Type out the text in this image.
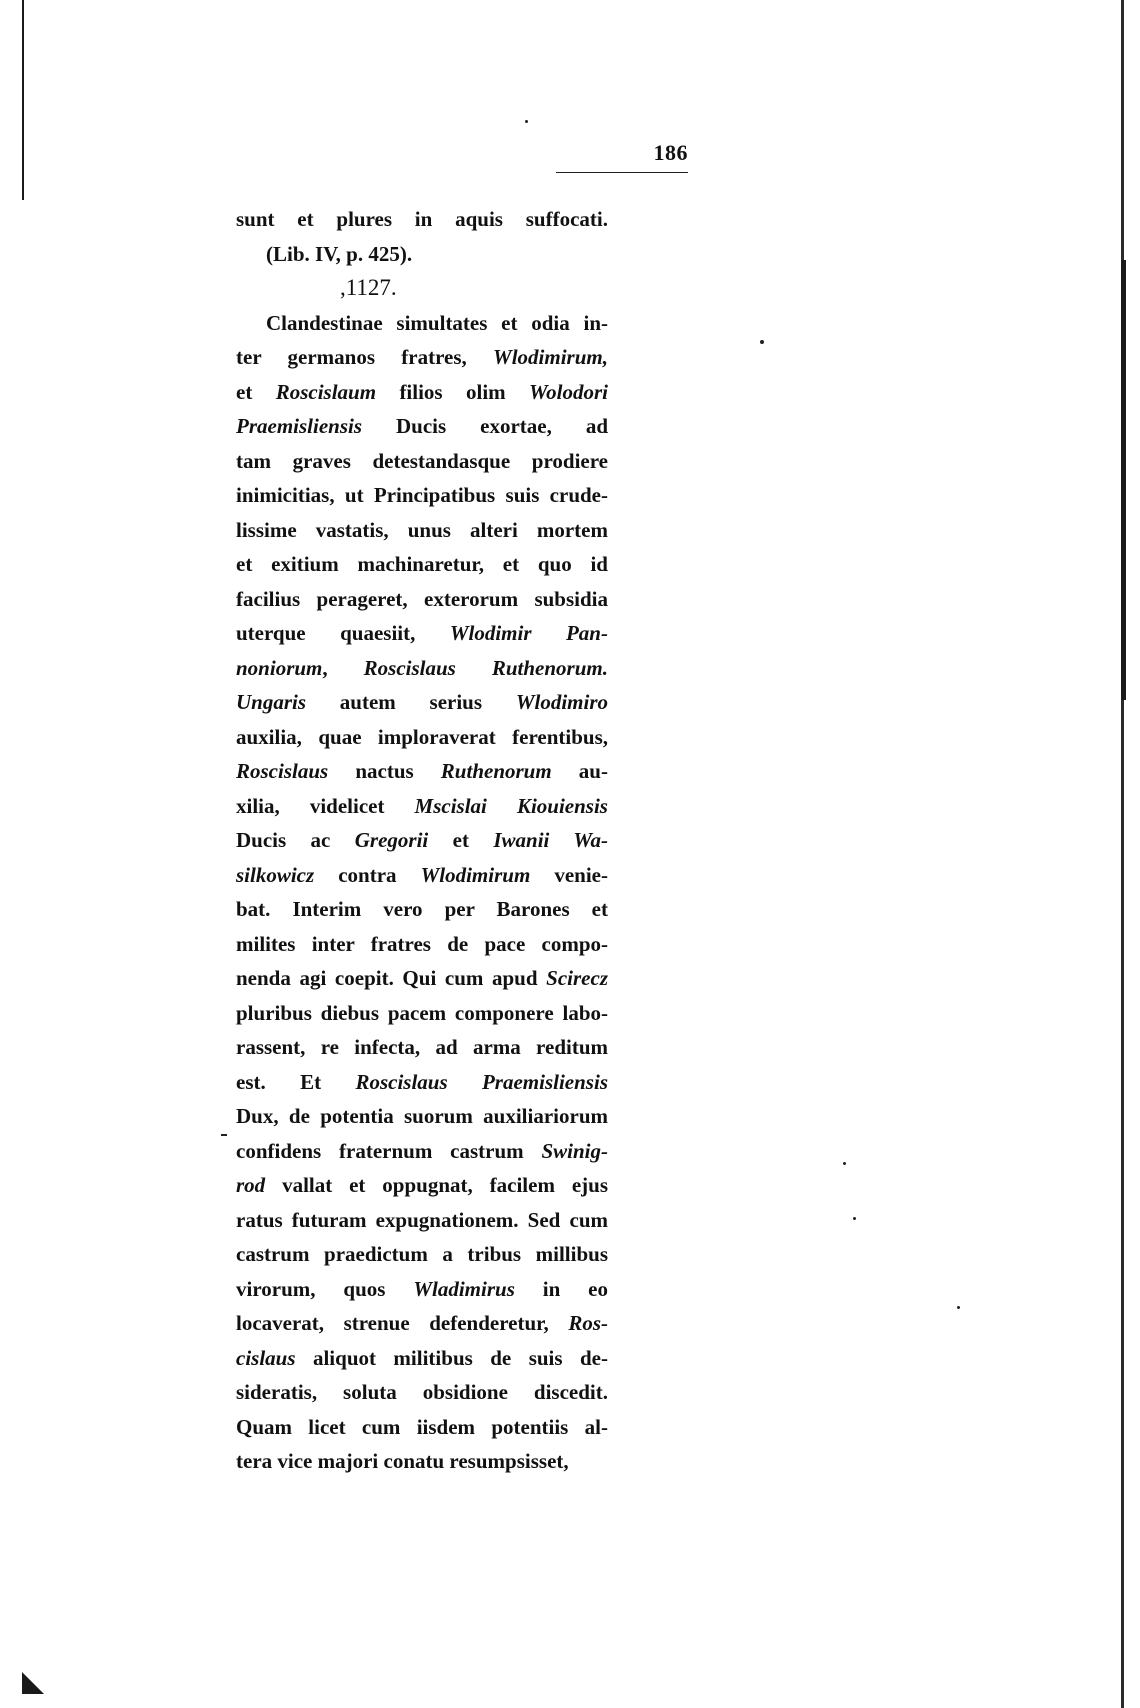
186
sunt et plures in aquis suffocati.
(Lib. IV, p. 425).
,1127.
Clandestinae simultates et odia in-
ter germanos fratres, Wlodimirum,
et Roscislaum filios olim Wolodori
Praemisliensis Ducis exortae, ad
tam graves detestandasque prodiere
inimicitias, ut Principatibus suis crude-
lissime vastatis, unus alteri mortem
et exitium machinaretur, et quo id
facilius perageret, exterorum subsidia
uterque quaesiit, Wlodimir Pan-
noniorum, Roscislaus Ruthenorum.
Ungaris autem serius Wlodimiro
auxilia, quae imploraverat ferentibus,
Roscislaus nactus Ruthenorum au-
xilia, videlicet Mscislai Kiouiensis
Ducis ac Gregorii et Iwanii Wa-
silkowicz contra Wlodimirum venie-
bat. Interim vero per Barones et
milites inter fratres de pace compo-
nenda agi coepit. Qui cum apud Scirecz
pluribus diebus pacem componere labo-
rassent, re infecta, ad arma reditum
est. Et Roscislaus Praemisliensis
Dux, de potentia suorum auxiliariorum
confidens fraternum castrum Swinig-
rod vallat et oppugnat, facilem ejus
ratus futuram expugnationem. Sed cum
castrum praedictum a tribus millibus
virorum, quos Wladimirus in eo
locaverat, strenue defenderetur, Ros-
cislaus aliquot militibus de suis de-
sideratis, soluta obsidione discedit.
Quam licet cum iisdem potentiis al-
tera vice majori conatu resumpsisset,
